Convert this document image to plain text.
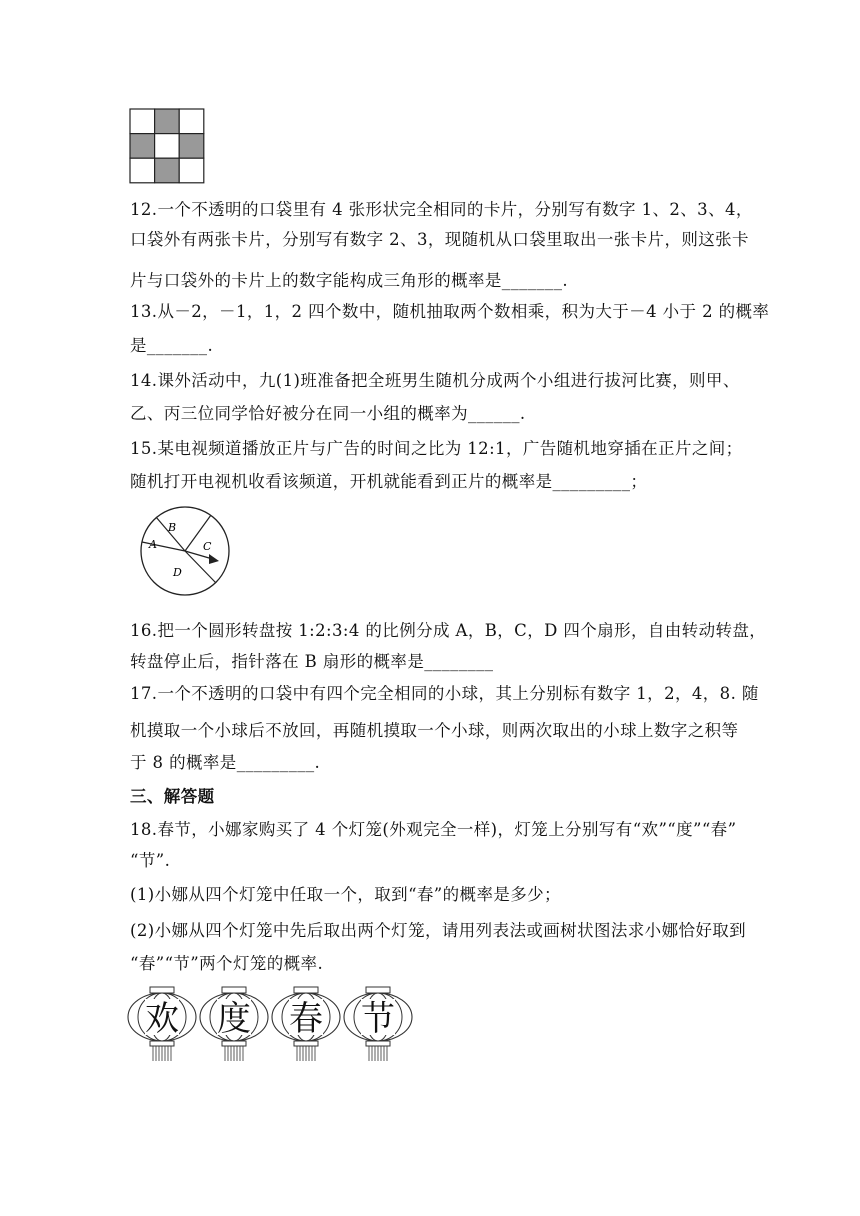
12.一个不透明的口袋里有 4 张形状完全相同的卡片，分别写有数字 1、2、3、4，
口袋外有两张卡片，分别写有数字 2、3，现随机从口袋里取出一张卡片，则这张卡
片与口袋外的卡片上的数字能构成三角形的概率是_______.
13.从－2，－1，1，2 四个数中，随机抽取两个数相乘，积为大于－4 小于 2 的概率
是_______.
14.课外活动中，九(1)班准备把全班男生随机分成两个小组进行拔河比赛，则甲、
乙、丙三位同学恰好被分在同一小组的概率为______.
15.某电视频道播放正片与广告的时间之比为 12:1，广告随机地穿插在正片之间；
随机打开电视机收看该频道，开机就能看到正片的概率是_________；
A
B
C
D
16.把一个圆形转盘按 1:2:3:4 的比例分成 A，B，C，D 四个扇形，自由转动转盘，
转盘停止后，指针落在 B 扇形的概率是________
17.一个不透明的口袋中有四个完全相同的小球，其上分别标有数字 1，2，4，8. 随
机摸取一个小球后不放回，再随机摸取一个小球，则两次取出的小球上数字之积等
于 8 的概率是_________.
三、解答题
18.春节，小娜家购买了 4 个灯笼(外观完全一样)，灯笼上分别写有“欢”“度”“春”
“节”.
(1)小娜从四个灯笼中任取一个，取到“春”的概率是多少；
(2)小娜从四个灯笼中先后取出两个灯笼，请用列表法或画树状图法求小娜恰好取到
“春”“节”两个灯笼的概率.
欢 度 春 节
